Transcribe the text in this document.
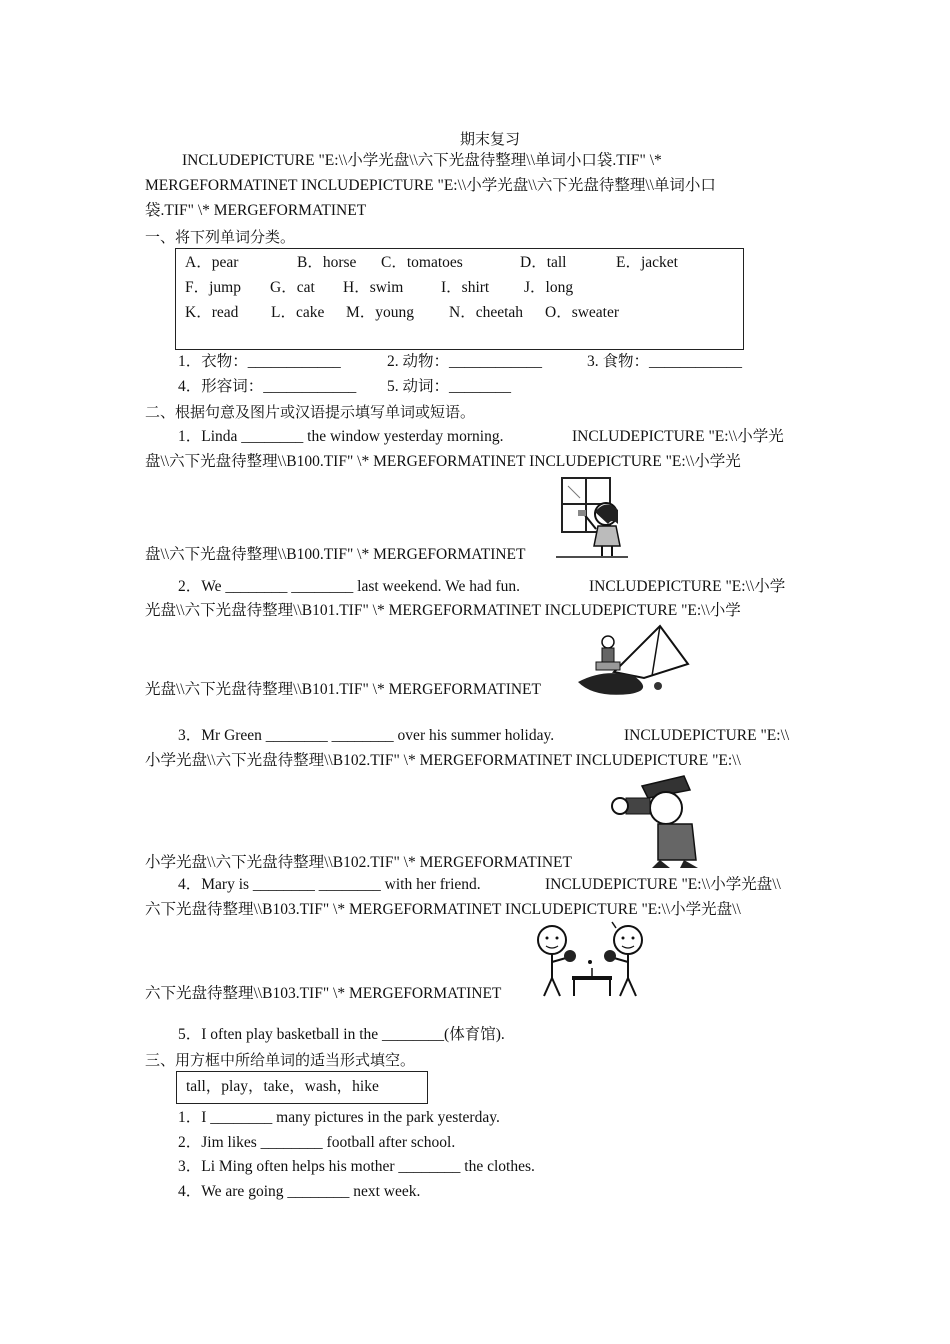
期末复习
INCLUDEPICTURE "E:\\小学光盘\\六下光盘待整理\\单词小口袋.TIF" \*
MERGEFORMATINET INCLUDEPICTURE "E:\\小学光盘\\六下光盘待整理\\单词小口
袋.TIF" \* MERGEFORMATINET
一、将下列单词分类。
A．pear	B．horse C．tomatoes	D．tall	E．jacket
F．jump G．cat H．swim I．shirt J．long
K．read L．cake M．young N．cheetah O．sweater
1．衣物：____________	2. 动物：____________	3. 食物：____________
4．形容词：____________ 5. 动词：________
二、根据句意及图片或汉语提示填写单词或短语。
1．Linda ________ the window yesterday morning.	INCLUDEPICTURE "E:\\小学光
盘\\六下光盘待整理\\B100.TIF" \* MERGEFORMATINET INCLUDEPICTURE "E:\\小学光
盘\\六下光盘待整理\\B100.TIF" \* MERGEFORMATINET
2．We ________ ________ last weekend. We had fun.	INCLUDEPICTURE "E:\\小学
光盘\\六下光盘待整理\\B101.TIF" \* MERGEFORMATINET INCLUDEPICTURE "E:\\小学
光盘\\六下光盘待整理\\B101.TIF" \* MERGEFORMATINET
3．Mr Green ________ ________ over his summer holiday.	INCLUDEPICTURE "E:\\
小学光盘\\六下光盘待整理\\B102.TIF" \* MERGEFORMATINET INCLUDEPICTURE "E:\\
小学光盘\\六下光盘待整理\\B102.TIF" \* MERGEFORMATINET
4．Mary is ________ ________ with her friend.	INCLUDEPICTURE "E:\\小学光盘\\
六下光盘待整理\\B103.TIF" \* MERGEFORMATINET INCLUDEPICTURE "E:\\小学光盘\\
六下光盘待整理\\B103.TIF" \* MERGEFORMATINET
5．I often play basketball in the ________(体育馆).
三、用方框中所给单词的适当形式填空。
tall，play，take，wash，hike
1．I ________ many pictures in the park yesterday.
2．Jim likes ________ football after school.
3．Li Ming often helps his mother ________ the clothes.
4．We are going ________ next week.
